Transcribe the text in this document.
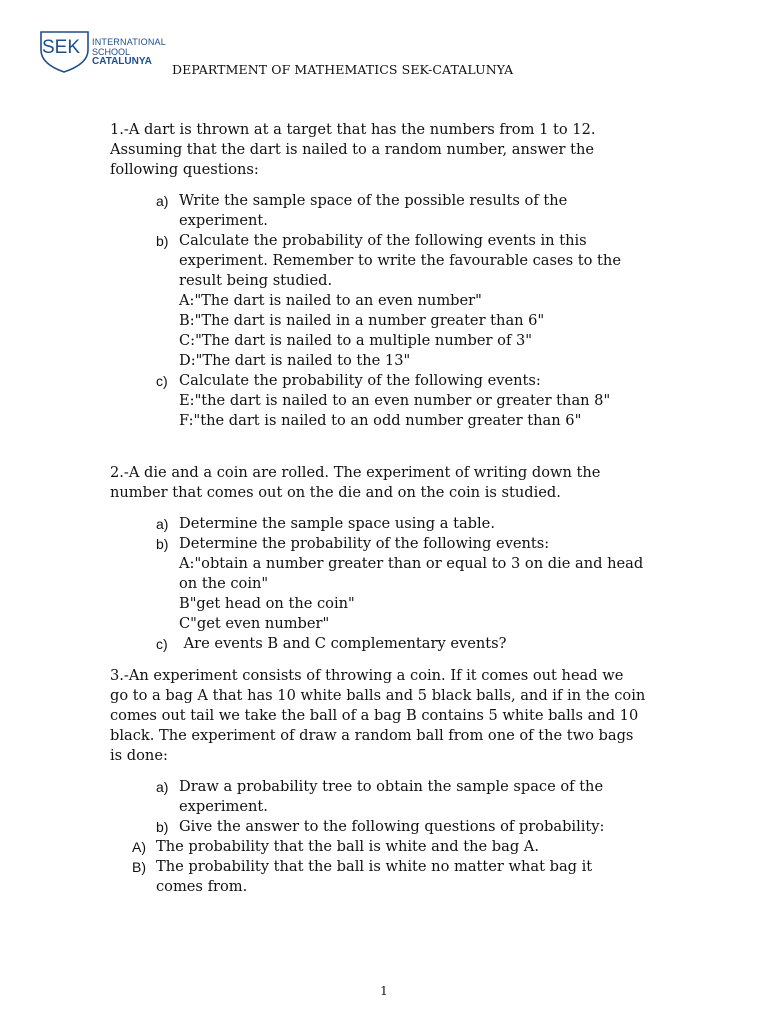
SEK INTERNATIONAL
SCHOOL
CATALUNYA
DEPARTMENT OF MATHEMATICS SEK-CATALUNYA

1.-A dart is thrown at a target that has the numbers from 1 to 12.
Assuming that the dart is nailed to a random number, answer the
following questions:

a) Write the sample space of the possible results of the
experiment.
b) Calculate the probability of the following events in this
experiment. Remember to write the favourable cases to the
result being studied.
A:"The dart is nailed to an even number"
B:"The dart is nailed in a number greater than 6"
C:"The dart is nailed to a multiple number of 3"
D:"The dart is nailed to the 13"
c) Calculate the probability of the following events:
E:"the dart is nailed to an even number or greater than 8"
F:"the dart is nailed to an odd number greater than 6"

2.-A die and a coin are rolled. The experiment of writing down the
number that comes out on the die and on the coin is studied.

a) Determine the sample space using a table.
b) Determine the probability of the following events:
A:"obtain a number greater than or equal to 3 on die and head
on the coin"
B"get head on the coin"
C"get even number"
c) Are events B and C complementary events?

3.-An experiment consists of throwing a coin. If it comes out head we
go to a bag A that has 10 white balls and 5 black balls, and if in the coin
comes out tail we take the ball of a bag B contains 5 white balls and 10
black. The experiment of draw a random ball from one of the two bags
is done:

a) Draw a probability tree to obtain the sample space of the
experiment.
b) Give the answer to the following questions of probability:
A) The probability that the ball is white and the bag A.
B) The probability that the ball is white no matter what bag it
comes from.
1
